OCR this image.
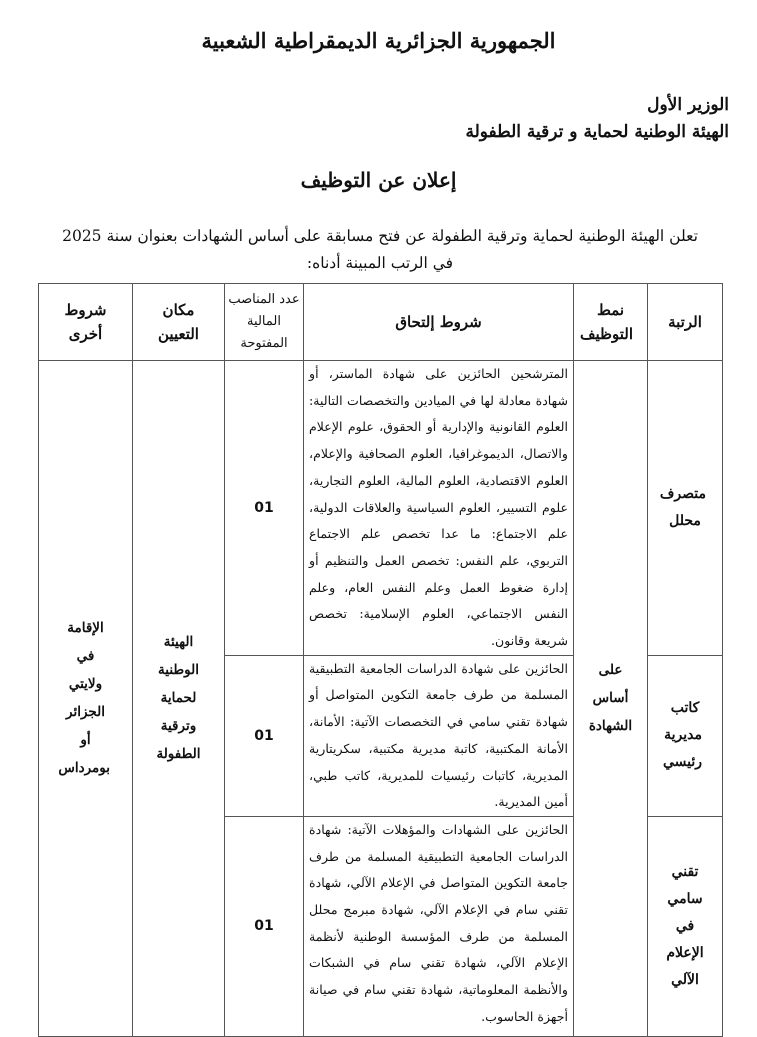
الجمهورية الجزائرية الديمقراطية الشعبية
الوزير الأول
الهيئة الوطنية لحماية و ترقية الطفولة
إعلان عن التوظيف
تعلن الهيئة الوطنية لحماية وترقية الطفولة عن فتح مسابقة على أساس الشهادات بعنوان سنة 2025 في الرتب المبينة أدناه:
الرتبة	نمط التوظيف	شروط إلتحاق	عدد المناصب المالية المفتوحة	مكان التعيين	شروط أخرى
متصرف محلل	على أساس الشهادة	المترشحين الحائزين على شهادة الماستر، أو شهادة معادلة لها في الميادين والتخصصات التالية: العلوم القانونية والإدارية أو الحقوق، علوم الإعلام والاتصال، الديموغرافيا، العلوم الصحافية والإعلام، العلوم الاقتصادية، العلوم المالية، العلوم التجارية، علوم التسيير، العلوم السياسية والعلاقات الدولية، علم الاجتماع: ما عدا تخصص علم الاجتماع التربوي، علم النفس: تخصص العمل والتنظيم أو إدارة ضغوط العمل وعلم النفس العام، وعلم النفس الاجتماعي، العلوم الإسلامية: تخصص شريعة وقانون.	01	الهيئة الوطنية لحماية وترقية الطفولة	الإقامة في ولايتي الجزائر أو بومرداس
كاتب مديرية رئيسي		الحائزين على شهادة الدراسات الجامعية التطبيقية المسلمة من طرف جامعة التكوين المتواصل أو شهادة تقني سامي في التخصصات الآتية: الأمانة، الأمانة المكتبية، كاتبة مديرية مكتبية، سكريتارية المديرية، كاتبات رئيسيات للمديرية، كاتب طبي، أمين المديرية.	01		
تقني سامي في الإعلام الآلي		الحائزين على الشهادات والمؤهلات الآتية: شهادة الدراسات الجامعية التطبيقية المسلمة من طرف جامعة التكوين المتواصل في الإعلام الآلي، شهادة تقني سام في الإعلام الآلي، شهادة مبرمج محلل المسلمة من طرف المؤسسة الوطنية لأنظمة الإعلام الآلي، شهادة تقني سام في الشبكات والأنظمة المعلوماتية، شهادة تقني سام في صيانة أجهزة الحاسوب.	01		
